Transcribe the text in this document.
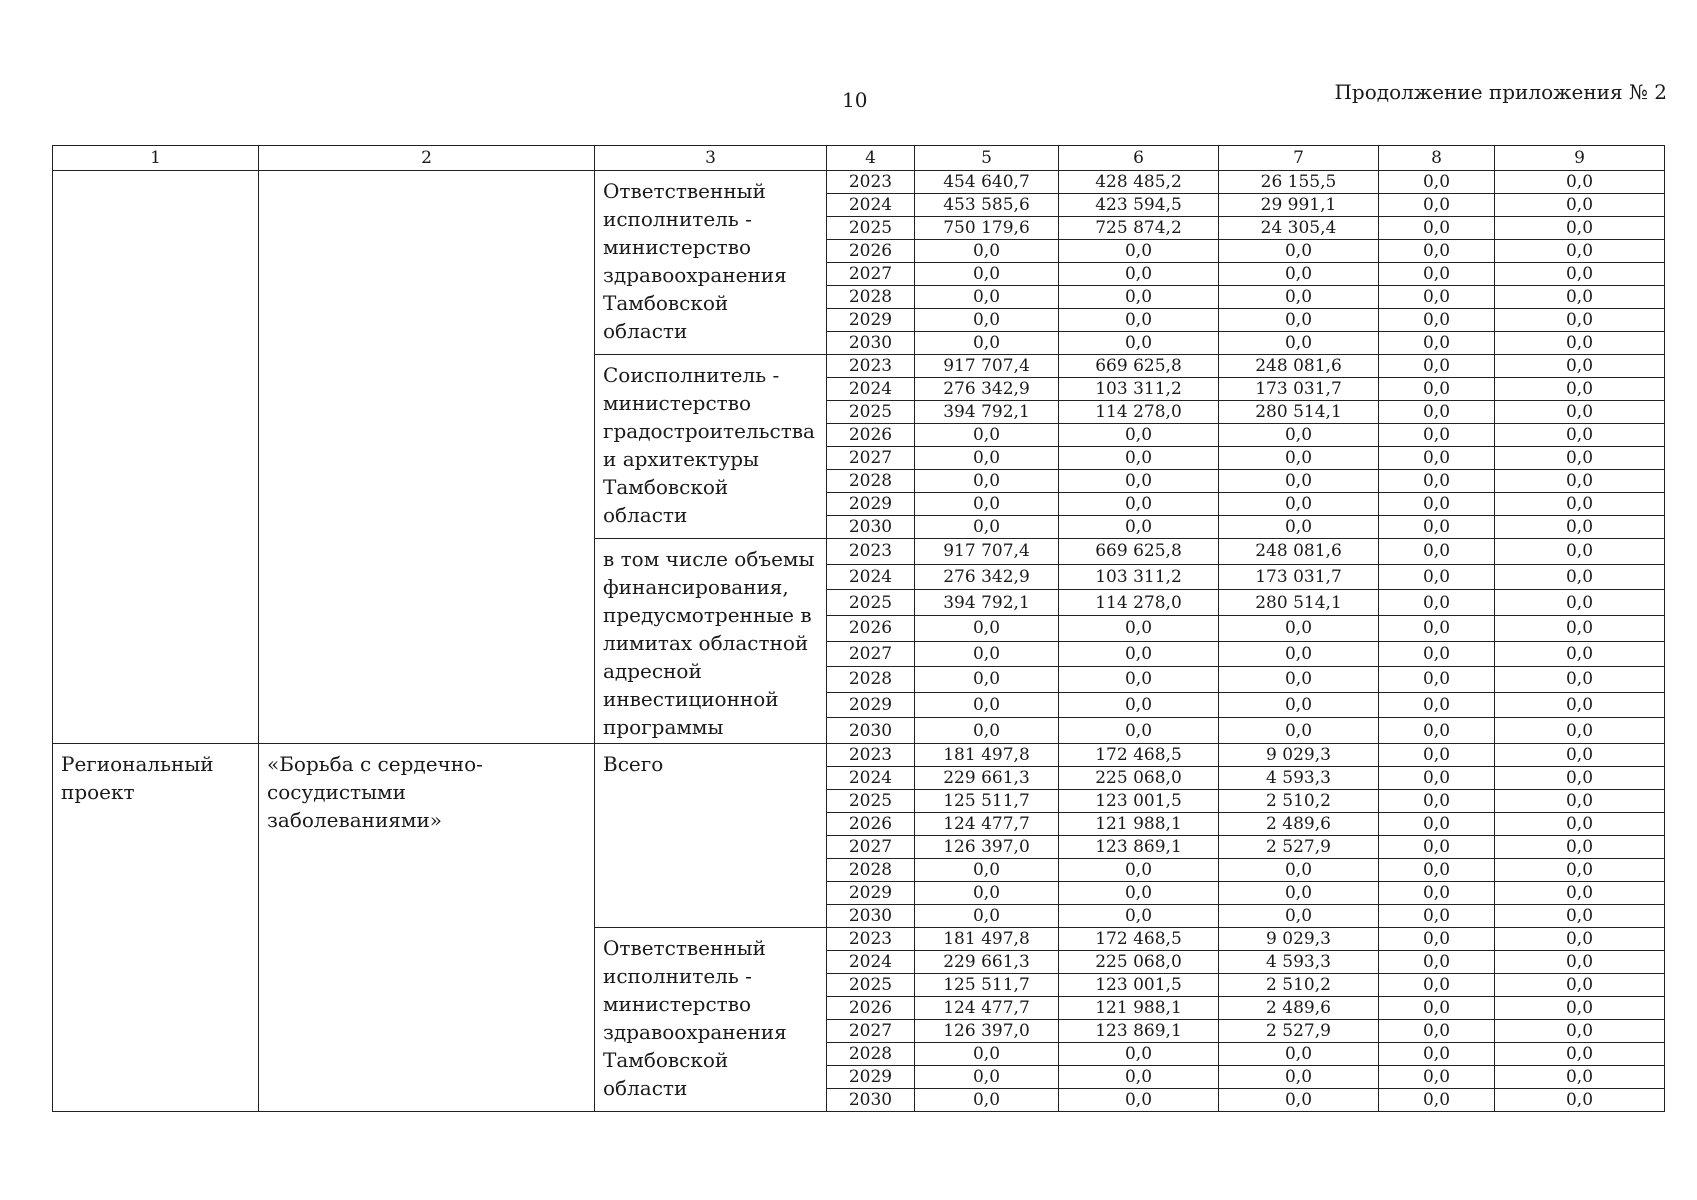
10	Продолжение приложения № 2
1	2	3	4	5	6	7	8	9
		Ответственный исполнитель - министерство здравоохранения Тамбовской области	2023	454 640,7	428 485,2	26 155,5	0,0	0,0
			2024	453 585,6	423 594,5	29 991,1	0,0	0,0
			2025	750 179,6	725 874,2	24 305,4	0,0	0,0
			2026	0,0	0,0	0,0	0,0	0,0
			2027	0,0	0,0	0,0	0,0	0,0
			2028	0,0	0,0	0,0	0,0	0,0
			2029	0,0	0,0	0,0	0,0	0,0
			2030	0,0	0,0	0,0	0,0	0,0
		Соисполнитель - министерство градостроительства и архитектуры Тамбовской области	2023	917 707,4	669 625,8	248 081,6	0,0	0,0
			2024	276 342,9	103 311,2	173 031,7	0,0	0,0
			2025	394 792,1	114 278,0	280 514,1	0,0	0,0
			2026	0,0	0,0	0,0	0,0	0,0
			2027	0,0	0,0	0,0	0,0	0,0
			2028	0,0	0,0	0,0	0,0	0,0
			2029	0,0	0,0	0,0	0,0	0,0
			2030	0,0	0,0	0,0	0,0	0,0
		в том числе объемы финансирования, предусмотренные в лимитах областной адресной инвестиционной программы	2023	917 707,4	669 625,8	248 081,6	0,0	0,0
			2024	276 342,9	103 311,2	173 031,7	0,0	0,0
			2025	394 792,1	114 278,0	280 514,1	0,0	0,0
			2026	0,0	0,0	0,0	0,0	0,0
			2027	0,0	0,0	0,0	0,0	0,0
			2028	0,0	0,0	0,0	0,0	0,0
			2029	0,0	0,0	0,0	0,0	0,0
			2030	0,0	0,0	0,0	0,0	0,0
Региональный проект	«Борьба с сердечно-сосудистыми заболеваниями»	Всего	2023	181 497,8	172 468,5	9 029,3	0,0	0,0
			2024	229 661,3	225 068,0	4 593,3	0,0	0,0
			2025	125 511,7	123 001,5	2 510,2	0,0	0,0
			2026	124 477,7	121 988,1	2 489,6	0,0	0,0
			2027	126 397,0	123 869,1	2 527,9	0,0	0,0
			2028	0,0	0,0	0,0	0,0	0,0
			2029	0,0	0,0	0,0	0,0	0,0
			2030	0,0	0,0	0,0	0,0	0,0
		Ответственный исполнитель - министерство здравоохранения Тамбовской области	2023	181 497,8	172 468,5	9 029,3	0,0	0,0
			2024	229 661,3	225 068,0	4 593,3	0,0	0,0
			2025	125 511,7	123 001,5	2 510,2	0,0	0,0
			2026	124 477,7	121 988,1	2 489,6	0,0	0,0
			2027	126 397,0	123 869,1	2 527,9	0,0	0,0
			2028	0,0	0,0	0,0	0,0	0,0
			2029	0,0	0,0	0,0	0,0	0,0
			2030	0,0	0,0	0,0	0,0	0,0
